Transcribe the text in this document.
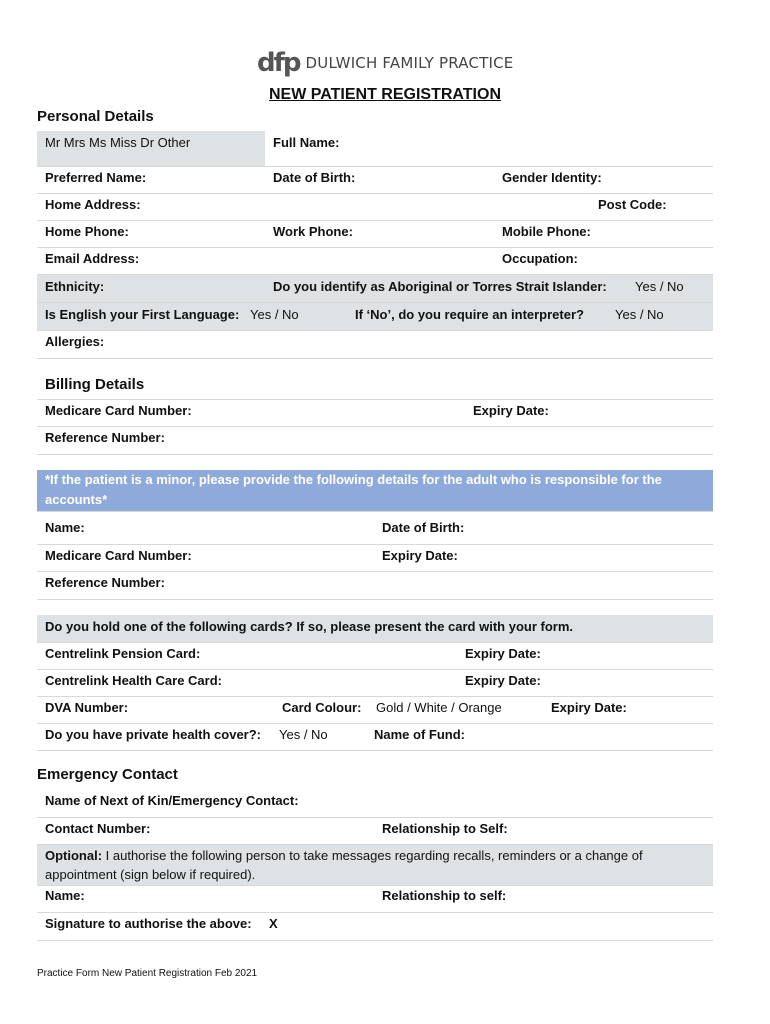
dfp DULWICH FAMILY PRACTICE
NEW PATIENT REGISTRATION
Personal Details
Mr Mrs Ms Miss Dr Other	Full Name:
Preferred Name:	Date of Birth:	Gender Identity:
Home Address:	Post Code:
Home Phone:	Work Phone:	Mobile Phone:
Email Address:	Occupation:
Ethnicity:	Do you identify as Aboriginal or Torres Strait Islander: Yes / No
Is English your First Language: Yes / No	If ‘No’, do you require an interpreter? Yes / No
Allergies:
Billing Details
Medicare Card Number:	Expiry Date:
Reference Number:
*If the patient is a minor, please provide the following details for the adult who is responsible for the
accounts*
Name:	Date of Birth:
Medicare Card Number:	Expiry Date:
Reference Number:
Do you hold one of the following cards? If so, please present the card with your form.
Centrelink Pension Card:	Expiry Date:
Centrelink Health Care Card:	Expiry Date:
DVA Number:	Card Colour: Gold / White / Orange	Expiry Date:
Do you have private health cover?: Yes / No	Name of Fund:
Emergency Contact
Name of Next of Kin/Emergency Contact:
Contact Number:	Relationship to Self:
Optional: I authorise the following person to take messages regarding recalls, reminders or a change of
appointment (sign below if required).
Name:	Relationship to self:
Signature to authorise the above: X
Practice Form New Patient Registration Feb 2021
